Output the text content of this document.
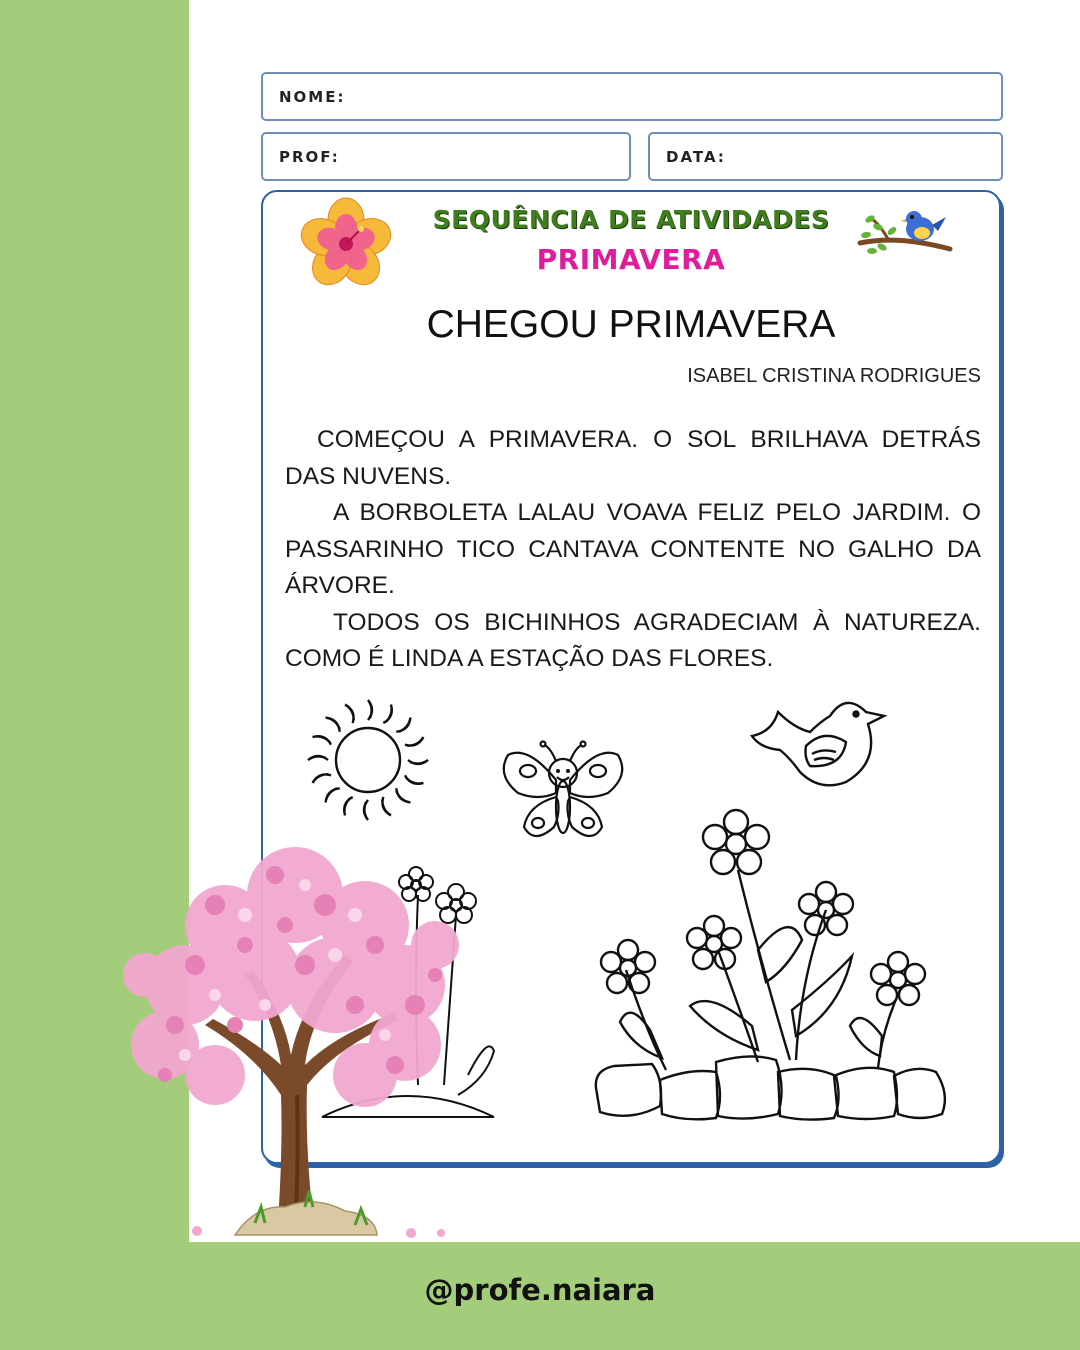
NOME:
PROF:	DATA:
SEQUÊNCIA DE ATIVIDADES
PRIMAVERA
CHEGOU PRIMAVERA
ISABEL CRISTINA RODRIGUES

COMEÇOU A PRIMAVERA. O SOL BRILHAVA DETRÁS DAS NUVENS.

A BORBOLETA LALAU VOAVA FELIZ PELO JARDIM. O PASSARINHO TICO CANTAVA CONTENTE NO GALHO DA ÁRVORE.

TODOS OS BICHINHOS AGRADECIAM À NATUREZA. COMO É LINDA A ESTAÇÃO DAS FLORES.

@profe.naiara
